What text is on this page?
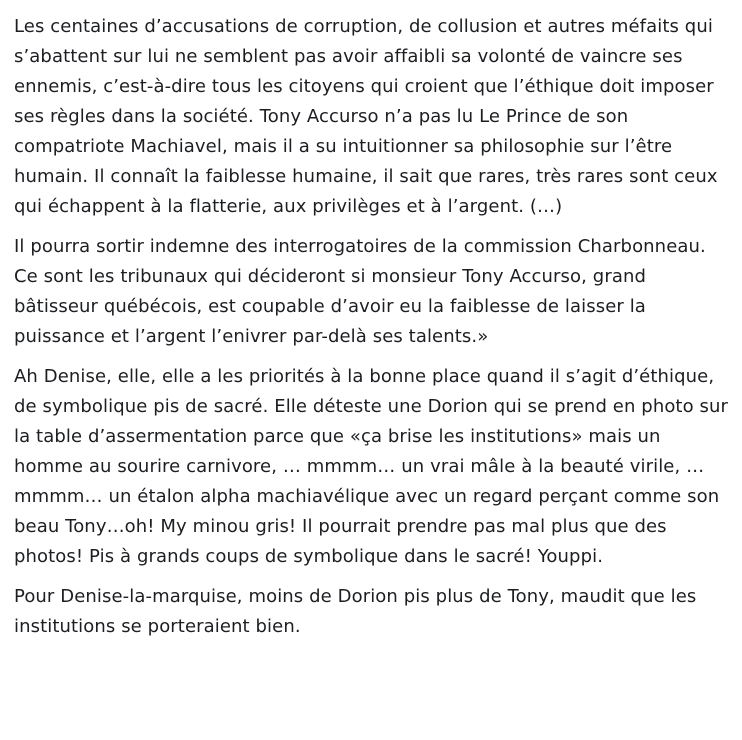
Les centaines d’accusations de corruption, de collusion et autres méfaits qui s’abattent sur lui ne semblent pas avoir affaibli sa volonté de vaincre ses ennemis, c’est-à-dire tous les citoyens qui croient que l’éthique doit imposer ses règles dans la société. Tony Accurso n’a pas lu Le Prince de son compatriote Machiavel, mais il a su intuitionner sa philosophie sur l’être humain. Il connaît la faiblesse humaine, il sait que rares, très rares sont ceux qui échappent à la flatterie, aux privilèges et à l’argent. (…)

Il pourra sortir indemne des interrogatoires de la commission Charbonneau. Ce sont les tribunaux qui décideront si monsieur Tony Accurso, grand bâtisseur québécois, est coupable d’avoir eu la faiblesse de laisser la puissance et l’argent l’enivrer par-delà ses talents.»

Ah Denise, elle, elle a les priorités à la bonne place quand il s’agit d’éthique, de symbolique pis de sacré. Elle déteste une Dorion qui se prend en photo sur la table d’assermentation parce que «ça brise les institutions» mais un homme au sourire carnivore, … mmmm… un vrai mâle à la beauté virile, …mmmm… un étalon alpha machiavélique avec un regard perçant comme son beau Tony…oh! My minou gris! Il pourrait prendre pas mal plus que des photos! Pis à grands coups de symbolique dans le sacré! Youppi.

Pour Denise-la-marquise, moins de Dorion pis plus de Tony, maudit que les institutions se porteraient bien.
